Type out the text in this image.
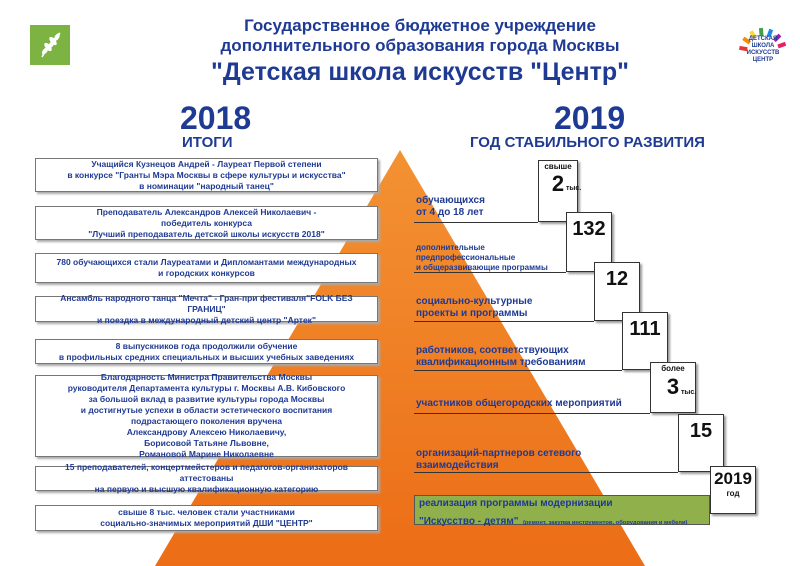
ДЕТСКАЯ ШКОЛА ИСКУССТВ ЦЕНТР
Государственное бюджетное учреждение
дополнительного образования города Москвы
"Детская школа искусств "Центр"
2018
ИТОГИ
2019
ГОД СТАБИЛЬНОГО РАЗВИТИЯ
Учащийся Кузнецов Андрей - Лауреат Первой степени
в конкурсе "Гранты Мэра Москвы в сфере культуры и искусства"
в номинации "народный танец"
Преподаватель Александров Алексей Николаевич -
победитель конкурса
"Лучший преподаватель детской школы искусств 2018"
780 обучающихся стали Лауреатами и Дипломантами международных
и городских конкурсов
Ансамбль народного танца "Мечта" - Гран-при фестиваля"FOLK БЕЗ ГРАНИЦ"
и поездка в международный детский центр "Артек"
8 выпускников года продолжили обучение
в профильных средних специальных и высших учебных заведениях
Благодарность Министра Правительства Москвы
руководителя Департамента культуры г. Москвы А.В. Кибовского
за большой вклад в развитие культуры города Москвы
и достигнутые успехи в области эстетического воспитания
подрастающего поколения вручена
Александрову Алексею Николаевичу,
Борисовой Татьяне Львовне,
Романовой Марине Николаевне
15 преподавателей, концертмейстеров и педагогов-организаторов аттестованы
на первую и высшую квалификационную категорию
свыше 8 тыс. человек стали участниками
социально-значимых мероприятий ДШИ "ЦЕНТР"
обучающихся
от 4 до 18 лет
свыше
2 тыс.
дополнительные
предпрофессиональные
и общеразвивающие программы
132
социально-культурные
проекты и программы
12
работников, соответствующих
квалификационным требованиям
111
участников общегородских мероприятий
более
3 тыс.
организаций-партнеров сетевого
взаимодействия
15
реализация программы модернизации
"Искусство - детям" (ремонт, закупка инструментов, оборудования и мебели)
2019
год
